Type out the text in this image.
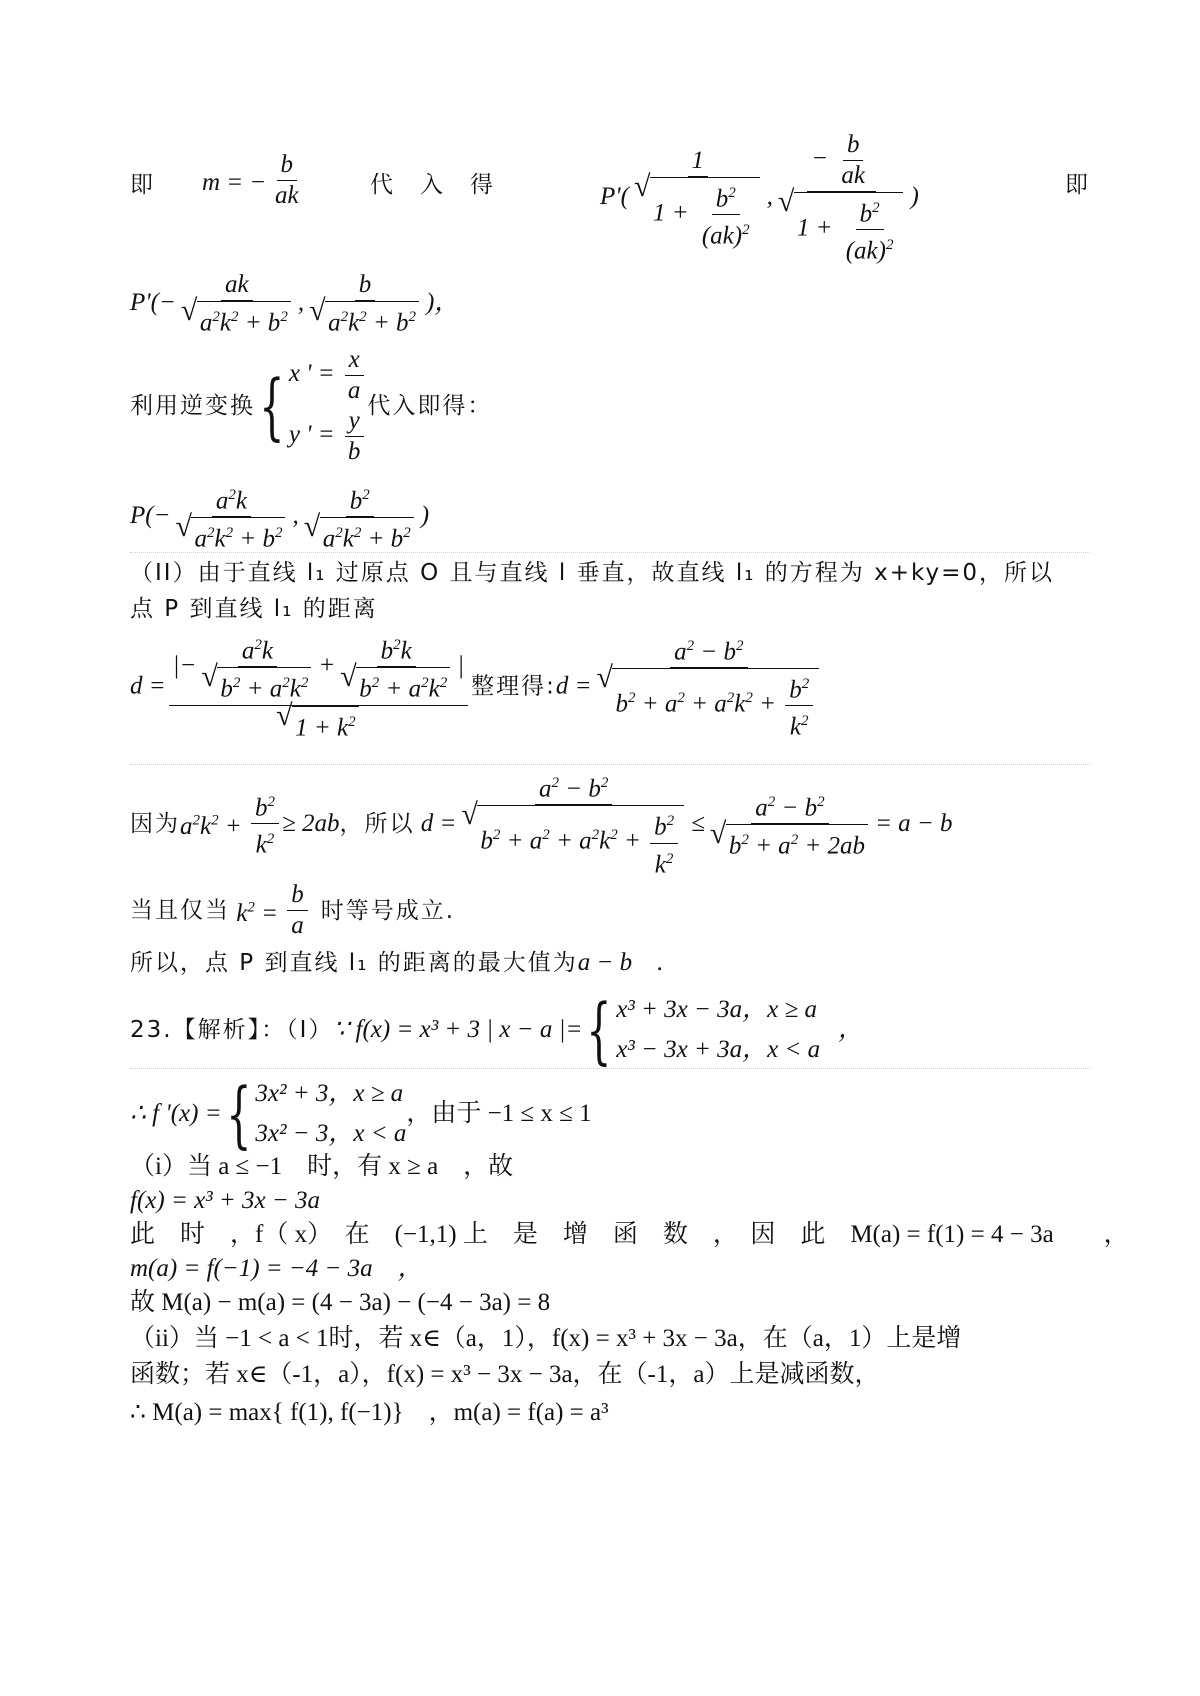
即 m = − $\frac{b}{ak}$	代　入　得	P'( 1
√ $1 + \frac{b^2}{(ak)^2}$ , − $\frac{b}{ak}$
√ $1 + \frac{b^2}{(ak)^2}$ )	即
P'(− ak
√ $a^2k^2 + b^2$ , b
√ $a^2k^2 + b^2$ )，
利用逆变换{ x ' = $\frac{x}{a}$
y ' = $\frac{y}{b}$ 代入即得：
$P(- a^2k$
√ $a^2k^2 + b^2$ , $b^2$
√ $a^2k^2 + b^2$ )
（II）由于直线 l₁ 过原点 O 且与直线 l 垂直，故直线 l₁ 的方程为 x+ky=0，所以
点 P 到直线 l₁ 的距离
d = |− $a^2k$
√ $b^2 + a^2k^2 + b^2k$
√ $b^2 + a^2k^2$ |
√ $1 + k^2$ 整理得:d = $a^2 - b^2$
√ $b^2 + a^2 + a^2k^2 + \frac{b^2}{k^2}$
因为$a^2k^2 + \frac{b^2}{k^2} \ge 2ab$，所以 $d = a^2 - b^2$
√ $b^2 + a^2 + a^2k^2 + \frac{b^2}{k^2} \le a^2 - b^2$
√ $b^2 + a^2 + 2ab = a - b$
当且仅当 $k^2 = \frac{b}{a}$ 时等号成立.
所以，点 P 到直线 l₁ 的距离的最大值为a − b　.
23.【解析】：（I）∵ f(x) = x³ + 3 | x − a |={ x³ + 3x − 3a，x ≥ a
x³ − 3x + 3a，x < a
，
∴ f '(x) ={ 3x² + 3，x ≥ a
3x² − 3，x < a
，由于 −1 ≤ x ≤ 1
（i）当 a ≤ −1　时，有 x ≥ a　，故
f(x) = x³ + 3x − 3a
此　时　，f（ x）　在　(−1,1) 上　是　增　函　数　，　因　此　M(a) = f(1) = 4 − 3a　　，
m(a) = f(−1) = −4 − 3a　，
故 M(a) − m(a) = (4 − 3a) − (−4 − 3a) = 8
（ii）当 −1 < a < 1时，若 x∈（a，1），f(x) = x³ + 3x − 3a，在（a，1）上是增
函数；若 x∈（-1，a），f(x) = x³ − 3x − 3a，在（-1，a）上是减函数，
∴ M(a) = max{ f(1), f(−1)}　，m(a) = f(a) = a³
